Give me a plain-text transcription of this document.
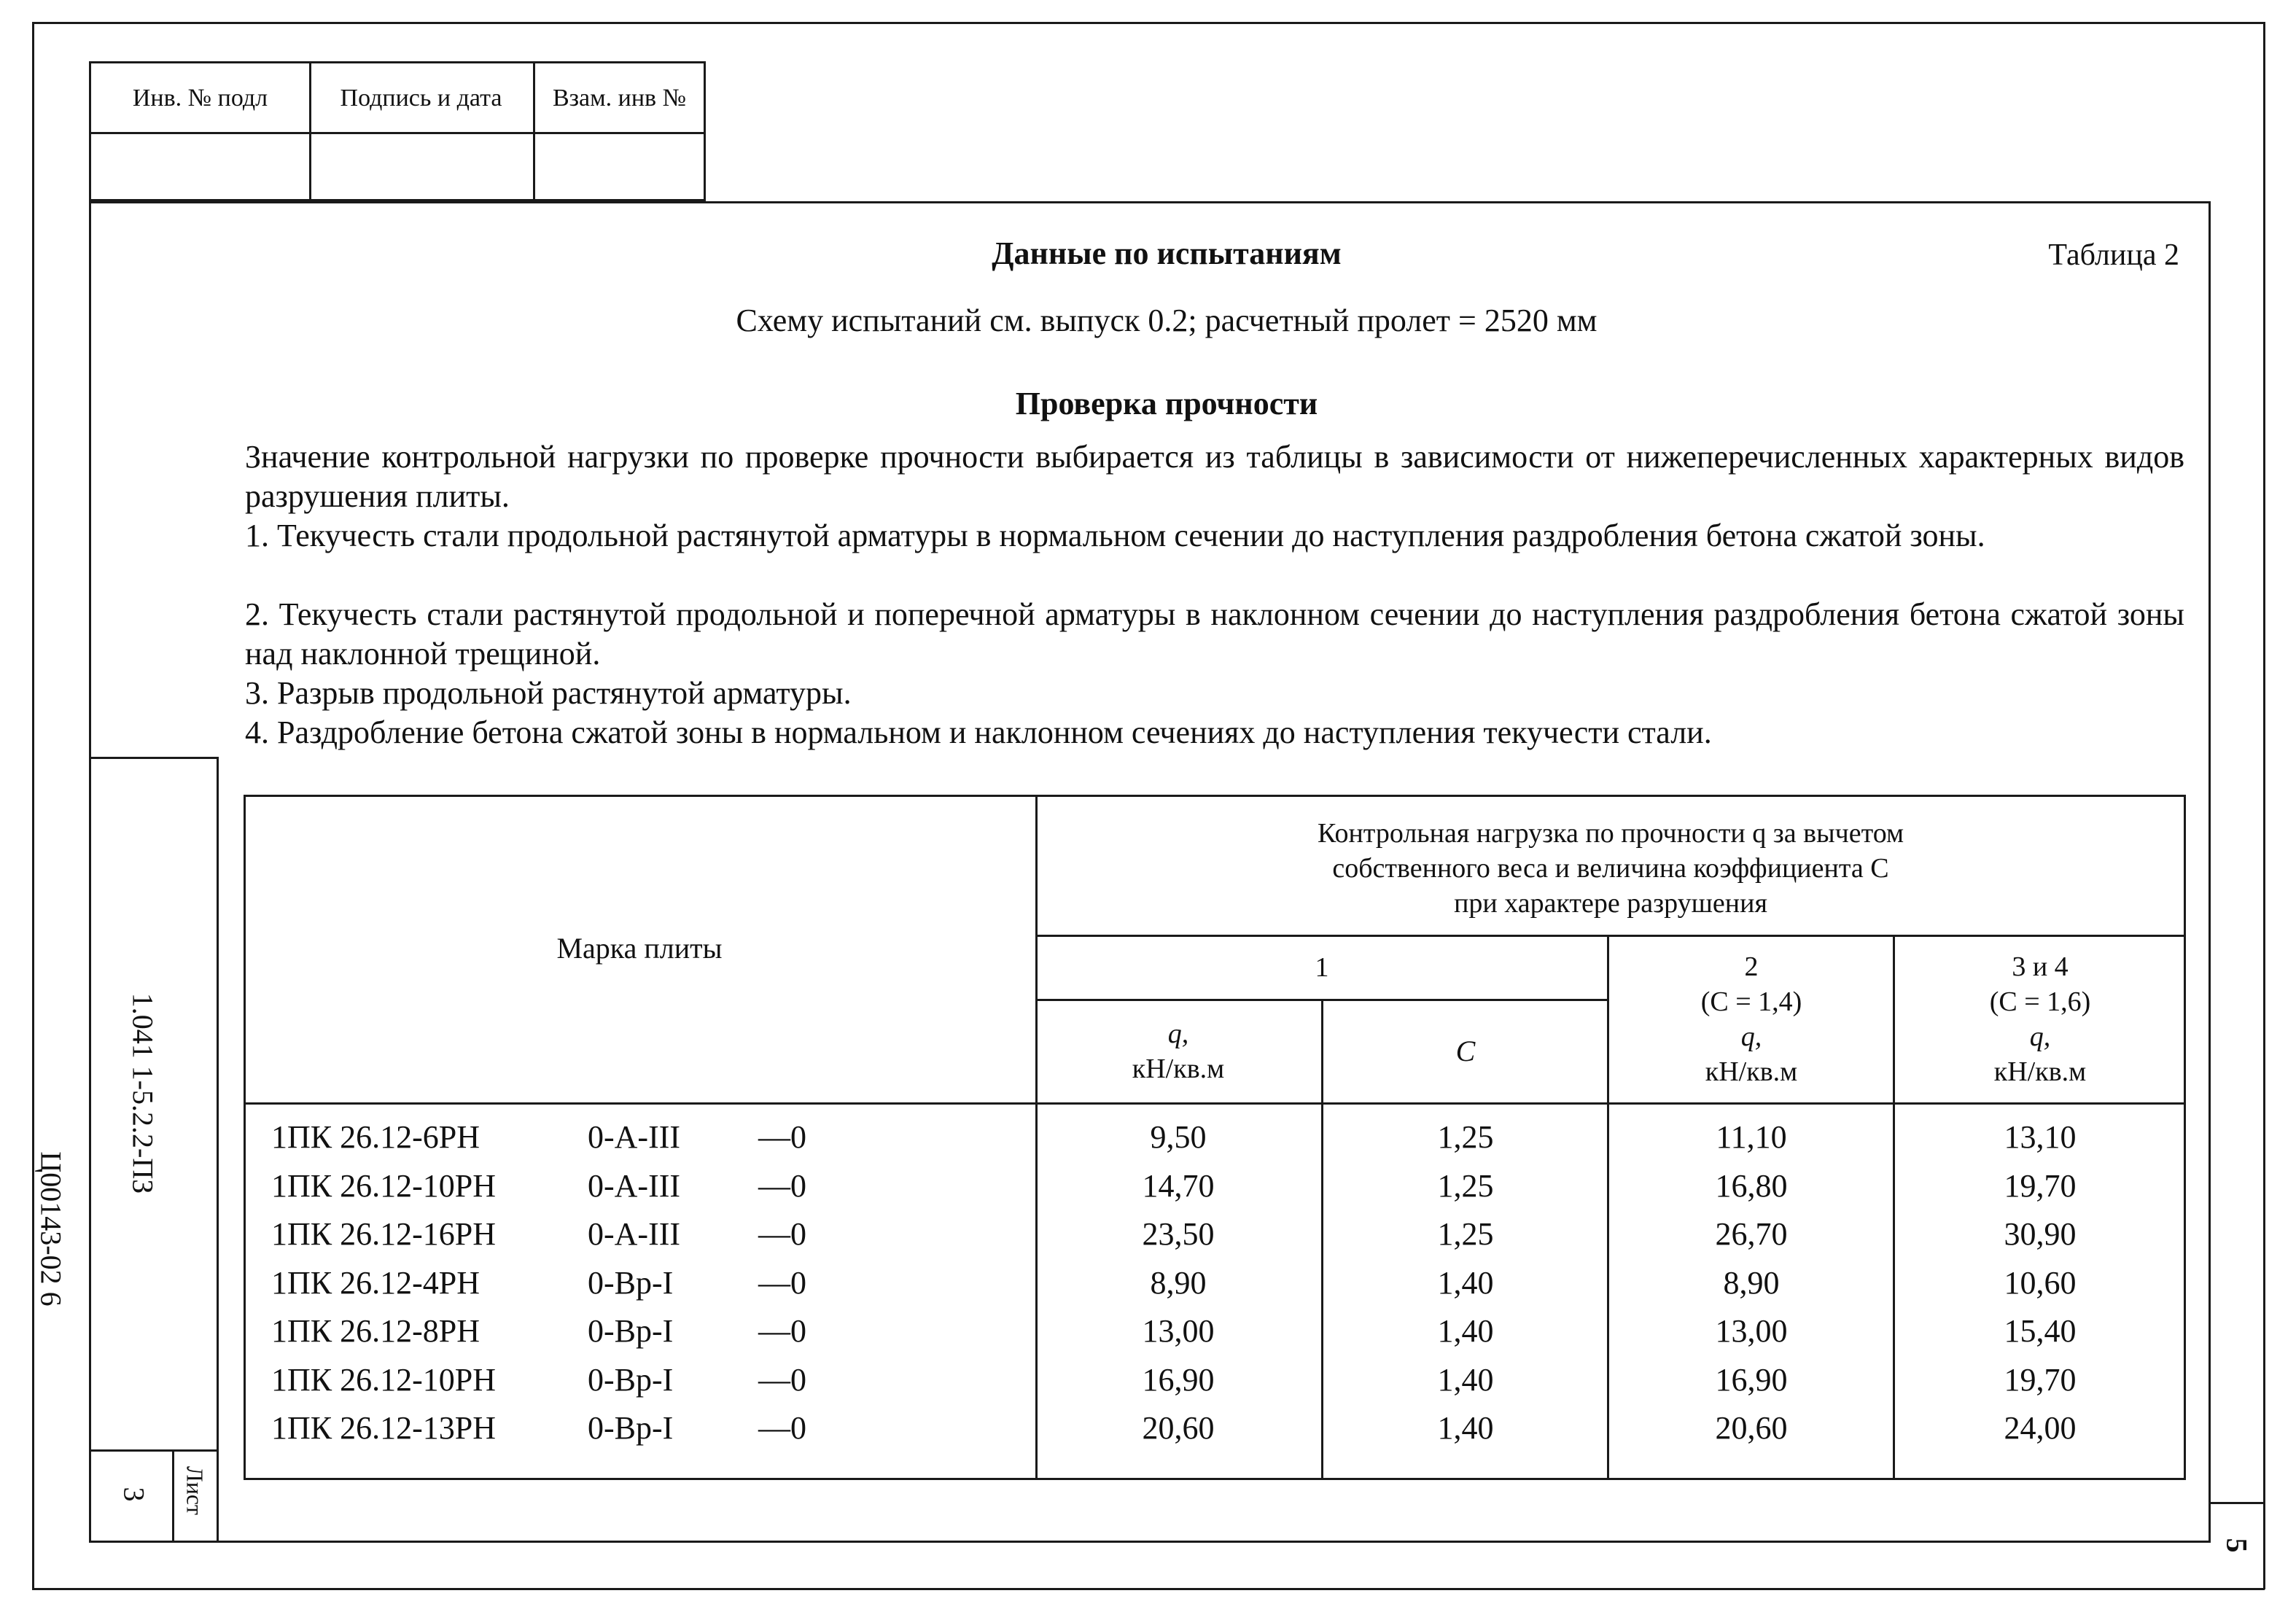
Инв. № подл	Подпись и дата	Взам. инв №
5
1.041 1-5.2.2-ПЗ
Ц00143-02 6
Лист
3
Данные по испытаниям	Таблица 2
Схему испытаний см. выпуск 0.2; расчетный пролет = 2520 мм
Проверка прочности
Значение контрольной нагрузки по проверке прочности выбирается из таблицы в зависимости от нижеперечисленных характерных видов разрушения плиты.
1. Текучесть стали продольной растянутой арматуры в нормальном сечении до наступления раздробления бетона сжатой зоны.
2. Текучесть стали растянутой продольной и поперечной арматуры в наклонном сечении до наступления раздробления бетона сжатой зоны над наклонной трещиной.
3. Разрыв продольной растянутой арматуры.
4. Раздробление бетона сжатой зоны в нормальном и наклонном сечениях до наступления текучести стали.
Марка плиты
Контрольная нагрузка по прочности q за вычетом
собственного веса и величина коэффициента C
при характере разрушения
1
q,
кН/кв.м
C
2
(C = 1,4)
q,
кН/кв.м
3 и 4
(C = 1,6)
q,
кН/кв.м
1ПК 26.12-6РН	0-A-III —0	9,50	1,25	11,10	13,10
1ПК 26.12-10РН	0-A-III —0	14,70	1,25	16,80	19,70
1ПК 26.12-16РН	0-A-III —0	23,50	1,25	26,70	30,90
1ПК 26.12-4РН	0-Вр-I	—0	8,90	1,40	8,90	10,60
1ПК 26.12-8РН	0-Вр-I	—0	13,00	1,40	13,00	15,40
1ПК 26.12-10РН	0-Вр-I	—0	16,90	1,40	16,90	19,70
1ПК 26.12-13РН	0-Вр-I	—0	20,60	1,40	20,60	24,00
